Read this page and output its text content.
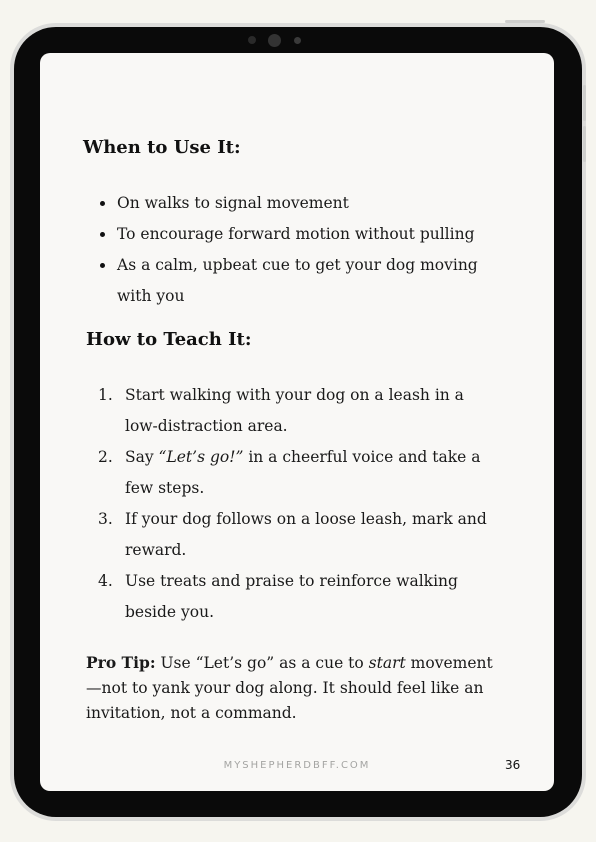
When to Use It:
On walks to signal movement
To encourage forward motion without pulling
As a calm, upbeat cue to get your dog moving with you
How to Teach It:
1. Start walking with your dog on a leash in a low-distraction area.
2. Say “Let’s go!” in a cheerful voice and take a few steps.
3. If your dog follows on a loose leash, mark and reward.
4. Use treats and praise to reinforce walking beside you.

Pro Tip: Use “Let’s go” as a cue to start movement—not to yank your dog along. It should feel like an invitation, not a command.

MYSHEPHERDBFF.COM	36
